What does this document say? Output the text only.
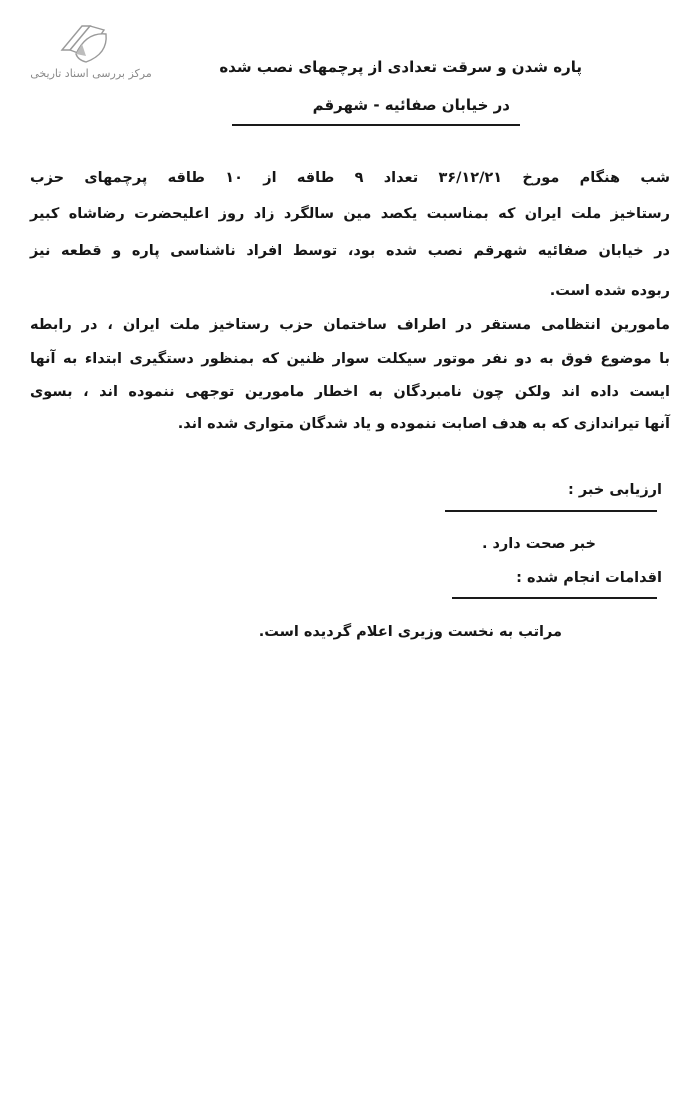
مرکز بررسی اسناد تاریخی	پاره شدن و سرقت تعدادی از پرچمهای نصب شده
در خیابان صفائیه - شهرقم
شب هنگام مورخ ۳۶/۱۲/۲۱ تعداد ۹ طاقه از ۱۰ طاقه پرچمهای حزب
رستاخیز ملت ایران که بمناسبت یکصد مین سالگرد زاد روز اعلیحضرت رضاشاه کبیر
در خیابان صفائیه شهرقم نصب شده بود، توسط افراد ناشناسی پاره و قطعه نیز
ربوده شده است.
مامورین انتظامی مستقر در اطراف ساختمان حزب رستاخیز ملت ایران ، در رابطه
با موضوع فوق به دو نفر موتور سیکلت سوار ظنین که بمنظور دستگیری ابتداء به آنها
ایست داده اند ولکن چون نامبردگان به اخطار مامورین توجهی ننموده اند ، بسوی
آنها تیراندازی که به هدف اصابت ننموده و یاد شدگان متواری شده اند.
ارزیابی خبر :
خبر صحت دارد .
اقدامات انجام شده :
مراتب به نخست وزیری اعلام گردیده است.
